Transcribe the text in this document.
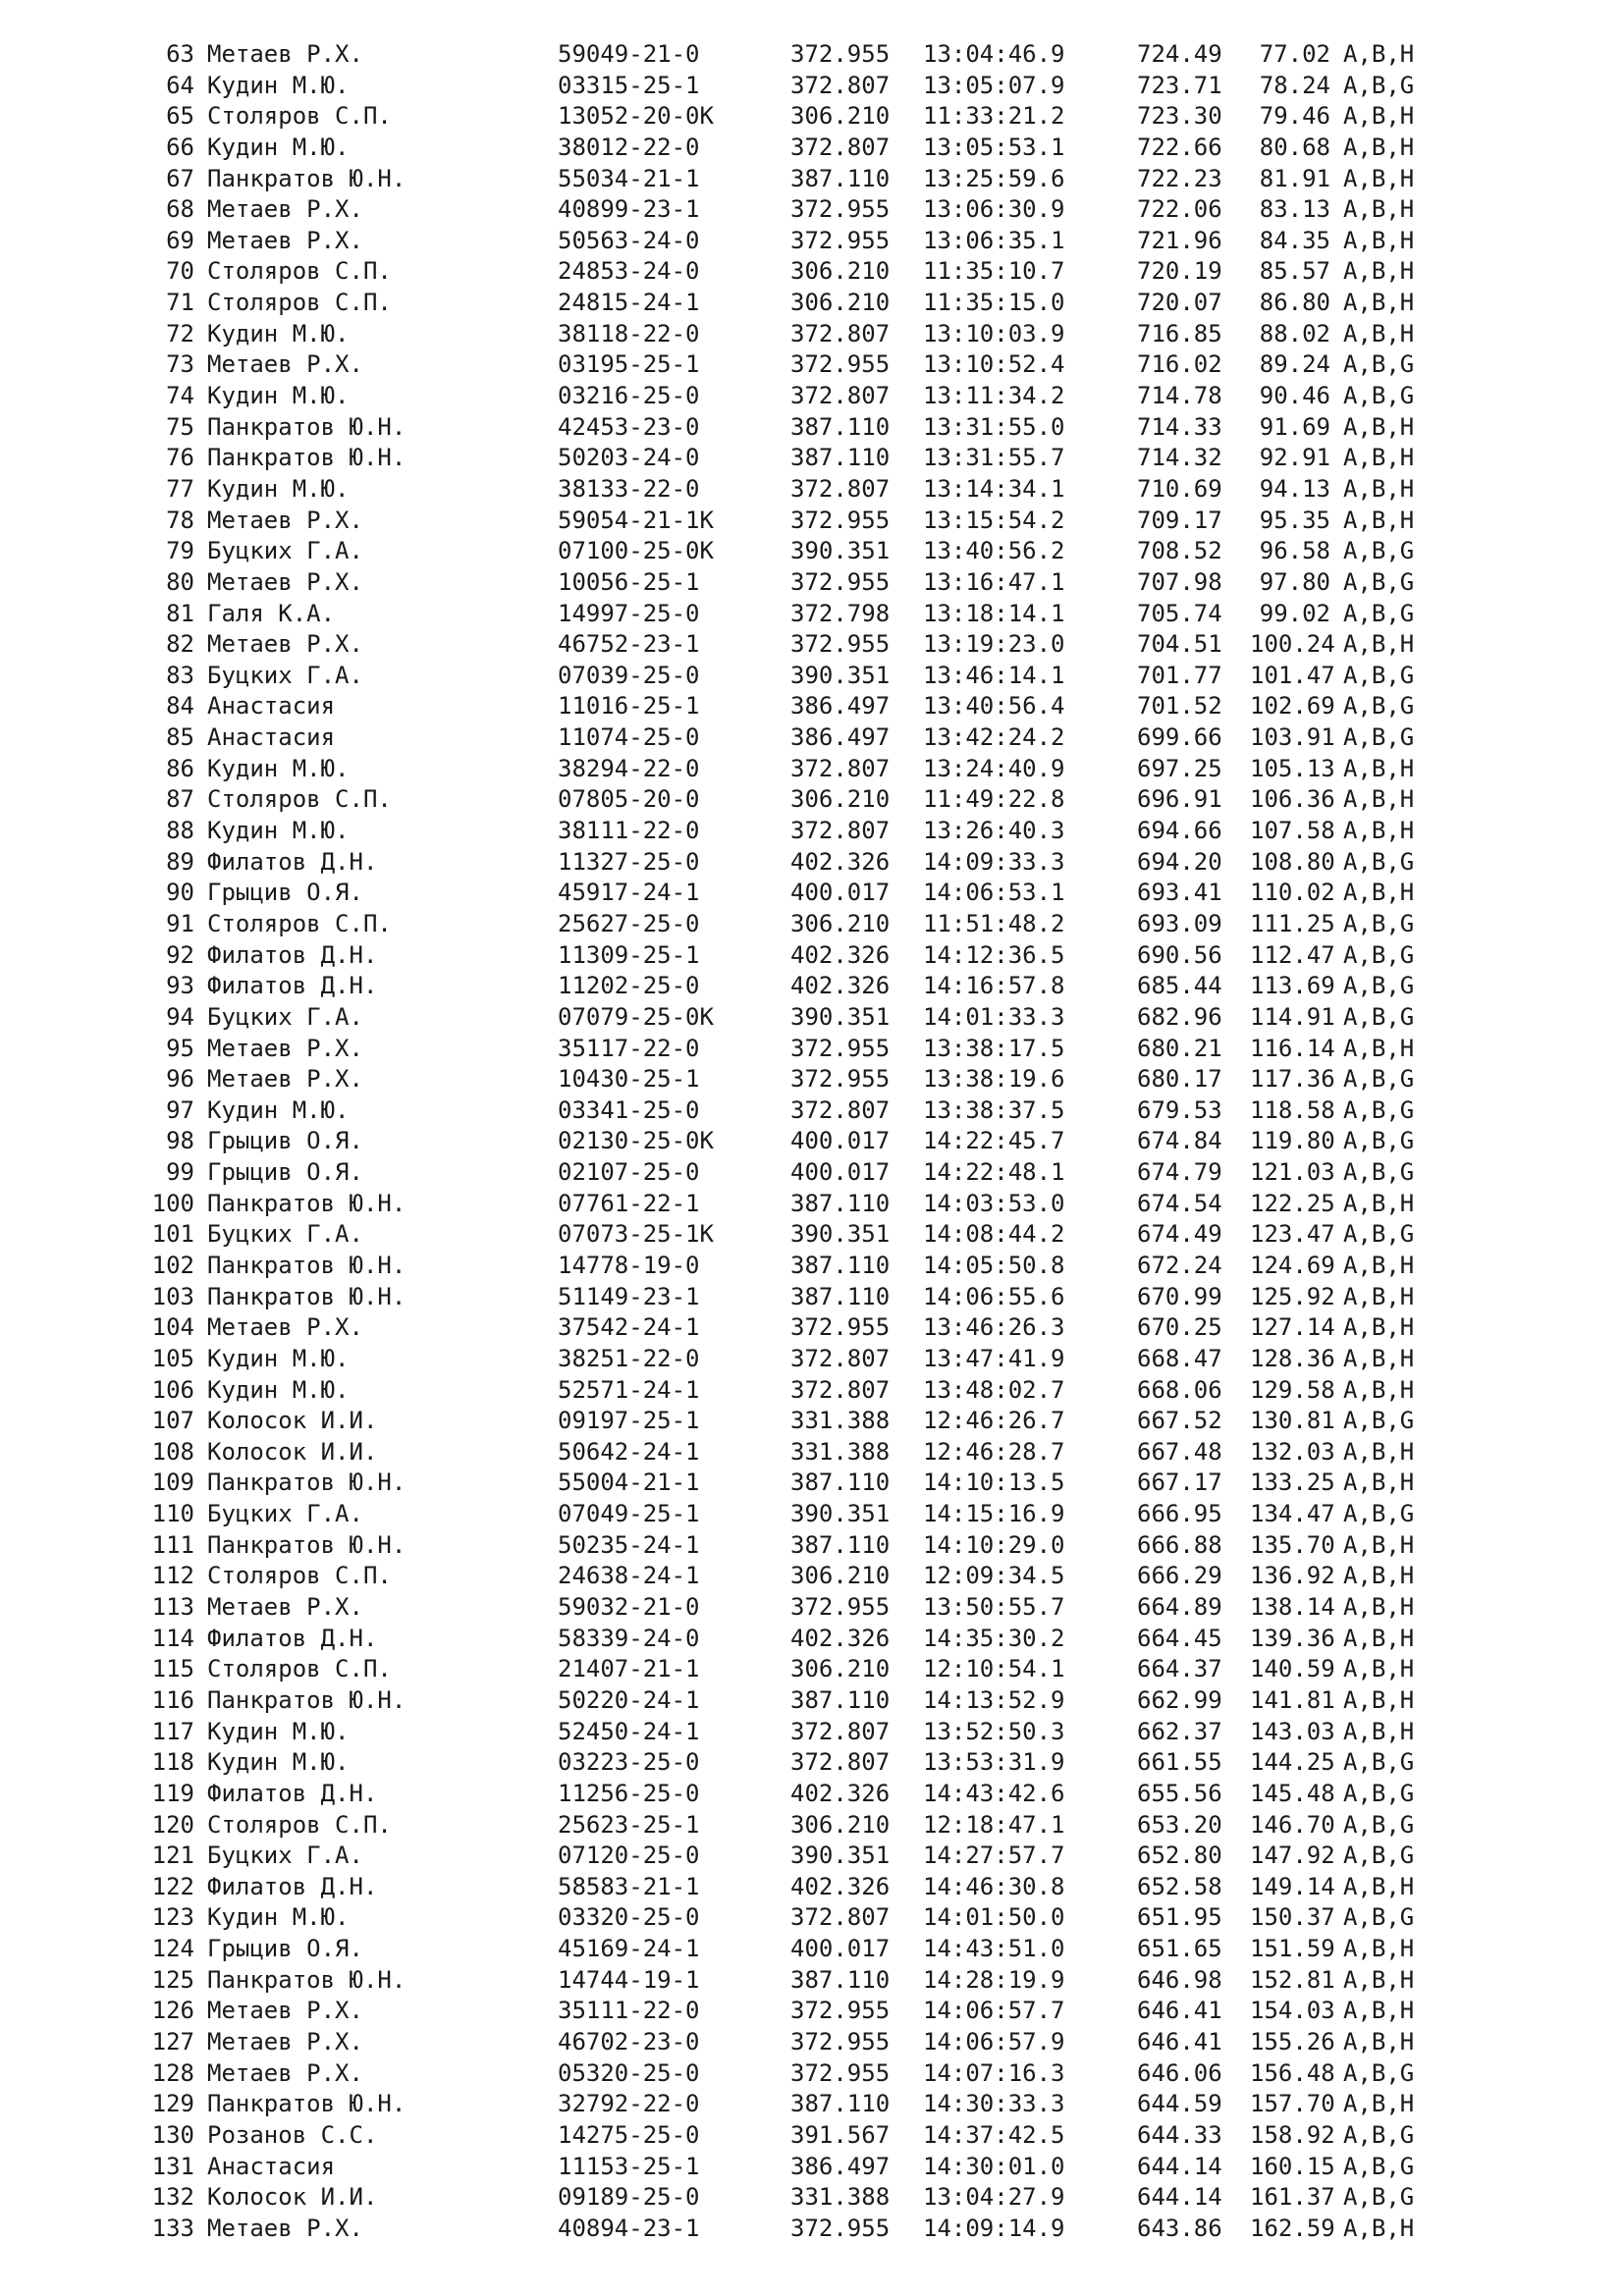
63 Метаев Р.Х.	59049-21-0	372.955 13:04:46.9	724.49	77.02 A,B,H
64 Кудин М.Ю.	03315-25-1	372.807 13:05:07.9	723.71	78.24 A,B,G
65 Столяров С.П.	13052-20-0K	306.210 11:33:21.2	723.30	79.46 A,B,H
66 Кудин М.Ю.	38012-22-0	372.807 13:05:53.1	722.66	80.68 A,B,H
67 Панкратов Ю.Н.	55034-21-1	387.110 13:25:59.6	722.23	81.91 A,B,H
68 Метаев Р.Х.	40899-23-1	372.955 13:06:30.9	722.06	83.13 A,B,H
69 Метаев Р.Х.	50563-24-0	372.955 13:06:35.1	721.96	84.35 A,B,H
70 Столяров С.П.	24853-24-0	306.210 11:35:10.7	720.19	85.57 A,B,H
71 Столяров С.П.	24815-24-1	306.210 11:35:15.0	720.07	86.80 A,B,H
72 Кудин М.Ю.	38118-22-0	372.807 13:10:03.9	716.85	88.02 A,B,H
73 Метаев Р.Х.	03195-25-1	372.955 13:10:52.4	716.02	89.24 A,B,G
74 Кудин М.Ю.	03216-25-0	372.807 13:11:34.2	714.78	90.46 A,B,G
75 Панкратов Ю.Н.	42453-23-0	387.110 13:31:55.0	714.33	91.69 A,B,H
76 Панкратов Ю.Н.	50203-24-0	387.110 13:31:55.7	714.32	92.91 A,B,H
77 Кудин М.Ю.	38133-22-0	372.807 13:14:34.1	710.69	94.13 A,B,H
78 Метаев Р.Х.	59054-21-1K	372.955 13:15:54.2	709.17	95.35 A,B,H
79 Буцких Г.А.	07100-25-0K	390.351 13:40:56.2	708.52	96.58 A,B,G
80 Метаев Р.Х.	10056-25-1	372.955 13:16:47.1	707.98	97.80 A,B,G
81 Галя К.А.	14997-25-0	372.798 13:18:14.1	705.74	99.02 A,B,G
82 Метаев Р.Х.	46752-23-1	372.955 13:19:23.0	704.51 100.24 A,B,H
83 Буцких Г.А.	07039-25-0	390.351 13:46:14.1	701.77 101.47 A,B,G
84 Анастасия	11016-25-1	386.497 13:40:56.4	701.52 102.69 A,B,G
85 Анастасия	11074-25-0	386.497 13:42:24.2	699.66 103.91 A,B,G
86 Кудин М.Ю.	38294-22-0	372.807 13:24:40.9	697.25 105.13 A,B,H
87 Столяров С.П.	07805-20-0	306.210 11:49:22.8	696.91 106.36 A,B,H
88 Кудин М.Ю.	38111-22-0	372.807 13:26:40.3	694.66 107.58 A,B,H
89 Филатов Д.Н.	11327-25-0	402.326 14:09:33.3	694.20 108.80 A,B,G
90 Грыцив О.Я.	45917-24-1	400.017 14:06:53.1	693.41 110.02 A,B,H
91 Столяров С.П.	25627-25-0	306.210 11:51:48.2	693.09 111.25 A,B,G
92 Филатов Д.Н.	11309-25-1	402.326 14:12:36.5	690.56 112.47 A,B,G
93 Филатов Д.Н.	11202-25-0	402.326 14:16:57.8	685.44 113.69 A,B,G
94 Буцких Г.А.	07079-25-0K	390.351 14:01:33.3	682.96 114.91 A,B,G
95 Метаев Р.Х.	35117-22-0	372.955 13:38:17.5	680.21 116.14 A,B,H
96 Метаев Р.Х.	10430-25-1	372.955 13:38:19.6	680.17 117.36 A,B,G
97 Кудин М.Ю.	03341-25-0	372.807 13:38:37.5	679.53 118.58 A,B,G
98 Грыцив О.Я.	02130-25-0K	400.017 14:22:45.7	674.84 119.80 A,B,G
99 Грыцив О.Я.	02107-25-0	400.017 14:22:48.1	674.79 121.03 A,B,G
100 Панкратов Ю.Н.	07761-22-1	387.110 14:03:53.0	674.54 122.25 A,B,H
101 Буцких Г.А.	07073-25-1K	390.351 14:08:44.2	674.49 123.47 A,B,G
102 Панкратов Ю.Н.	14778-19-0	387.110 14:05:50.8	672.24 124.69 A,B,H
103 Панкратов Ю.Н.	51149-23-1	387.110 14:06:55.6	670.99 125.92 A,B,H
104 Метаев Р.Х.	37542-24-1	372.955 13:46:26.3	670.25 127.14 A,B,H
105 Кудин М.Ю.	38251-22-0	372.807 13:47:41.9	668.47 128.36 A,B,H
106 Кудин М.Ю.	52571-24-1	372.807 13:48:02.7	668.06 129.58 A,B,H
107 Колосок И.И.	09197-25-1	331.388 12:46:26.7	667.52 130.81 A,B,G
108 Колосок И.И.	50642-24-1	331.388 12:46:28.7	667.48 132.03 A,B,H
109 Панкратов Ю.Н.	55004-21-1	387.110 14:10:13.5	667.17 133.25 A,B,H
110 Буцких Г.А.	07049-25-1	390.351 14:15:16.9	666.95 134.47 A,B,G
111 Панкратов Ю.Н.	50235-24-1	387.110 14:10:29.0	666.88 135.70 A,B,H
112 Столяров С.П.	24638-24-1	306.210 12:09:34.5	666.29 136.92 A,B,H
113 Метаев Р.Х.	59032-21-0	372.955 13:50:55.7	664.89 138.14 A,B,H
114 Филатов Д.Н.	58339-24-0	402.326 14:35:30.2	664.45 139.36 A,B,H
115 Столяров С.П.	21407-21-1	306.210 12:10:54.1	664.37 140.59 A,B,H
116 Панкратов Ю.Н.	50220-24-1	387.110 14:13:52.9	662.99 141.81 A,B,H
117 Кудин М.Ю.	52450-24-1	372.807 13:52:50.3	662.37 143.03 A,B,H
118 Кудин М.Ю.	03223-25-0	372.807 13:53:31.9	661.55 144.25 A,B,G
119 Филатов Д.Н.	11256-25-0	402.326 14:43:42.6	655.56 145.48 A,B,G
120 Столяров С.П.	25623-25-1	306.210 12:18:47.1	653.20 146.70 A,B,G
121 Буцких Г.А.	07120-25-0	390.351 14:27:57.7	652.80 147.92 A,B,G
122 Филатов Д.Н.	58583-21-1	402.326 14:46:30.8	652.58 149.14 A,B,H
123 Кудин М.Ю.	03320-25-0	372.807 14:01:50.0	651.95 150.37 A,B,G
124 Грыцив О.Я.	45169-24-1	400.017 14:43:51.0	651.65 151.59 A,B,H
125 Панкратов Ю.Н.	14744-19-1	387.110 14:28:19.9	646.98 152.81 A,B,H
126 Метаев Р.Х.	35111-22-0	372.955 14:06:57.7	646.41 154.03 A,B,H
127 Метаев Р.Х.	46702-23-0	372.955 14:06:57.9	646.41 155.26 A,B,H
128 Метаев Р.Х.	05320-25-0	372.955 14:07:16.3	646.06 156.48 A,B,G
129 Панкратов Ю.Н.	32792-22-0	387.110 14:30:33.3	644.59 157.70 A,B,H
130 Розанов С.С.	14275-25-0	391.567 14:37:42.5	644.33 158.92 A,B,G
131 Анастасия	11153-25-1	386.497 14:30:01.0	644.14 160.15 A,B,G
132 Колосок И.И.	09189-25-0	331.388 13:04:27.9	644.14 161.37 A,B,G
133 Метаев Р.Х.	40894-23-1	372.955 14:09:14.9	643.86 162.59 A,B,H
